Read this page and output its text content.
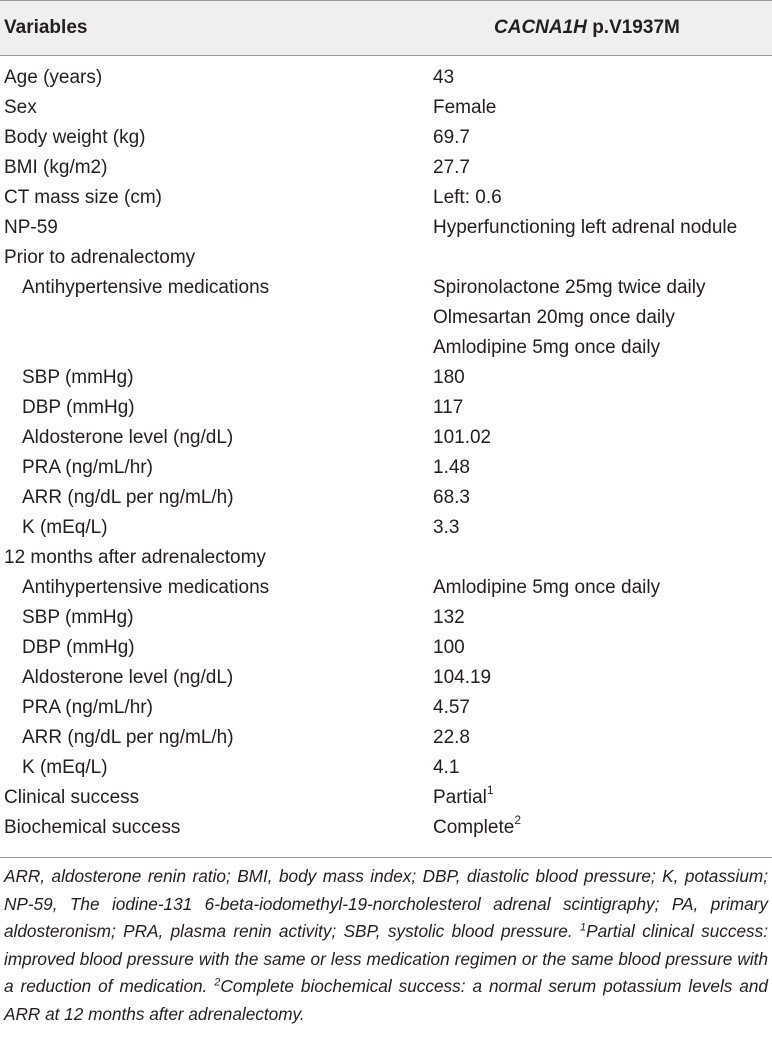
Variables	CACNA1H p.V1937M
Age (years)	43
Sex	Female
Body weight (kg)	69.7
BMI (kg/m2)	27.7
CT mass size (cm)	Left: 0.6
NP-59	Hyperfunctioning left adrenal nodule
Prior to adrenalectomy
Antihypertensive medications	Spironolactone 25mg twice daily
Olmesartan 20mg once daily
Amlodipine 5mg once daily
SBP (mmHg)	180
DBP (mmHg)	117
Aldosterone level (ng/dL)	101.02
PRA (ng/mL/hr)	1.48
ARR (ng/dL per ng/mL/h)	68.3
K (mEq/L)	3.3
12 months after adrenalectomy
Antihypertensive medications	Amlodipine 5mg once daily
SBP (mmHg)	132
DBP (mmHg)	100
Aldosterone level (ng/dL)	104.19
PRA (ng/mL/hr)	4.57
ARR (ng/dL per ng/mL/h)	22.8
K (mEq/L)	4.1
Clinical success	Partial$^1$
Biochemical success	Complete$^2$
ARR, aldosterone renin ratio; BMI, body mass index; DBP, diastolic blood pressure; K, potassium; NP-59, The iodine-131 6-beta-iodomethyl-19-norcholesterol adrenal scintigraphy; PA, primary aldosteronism; PRA, plasma renin activity; SBP, systolic blood pressure. $^1$Partial clinical success: improved blood pressure with the same or less medication regimen or the same blood pressure with a reduction of medication. $^2$Complete biochemical success: a normal serum potassium levels and ARR at 12 months after adrenalectomy.
